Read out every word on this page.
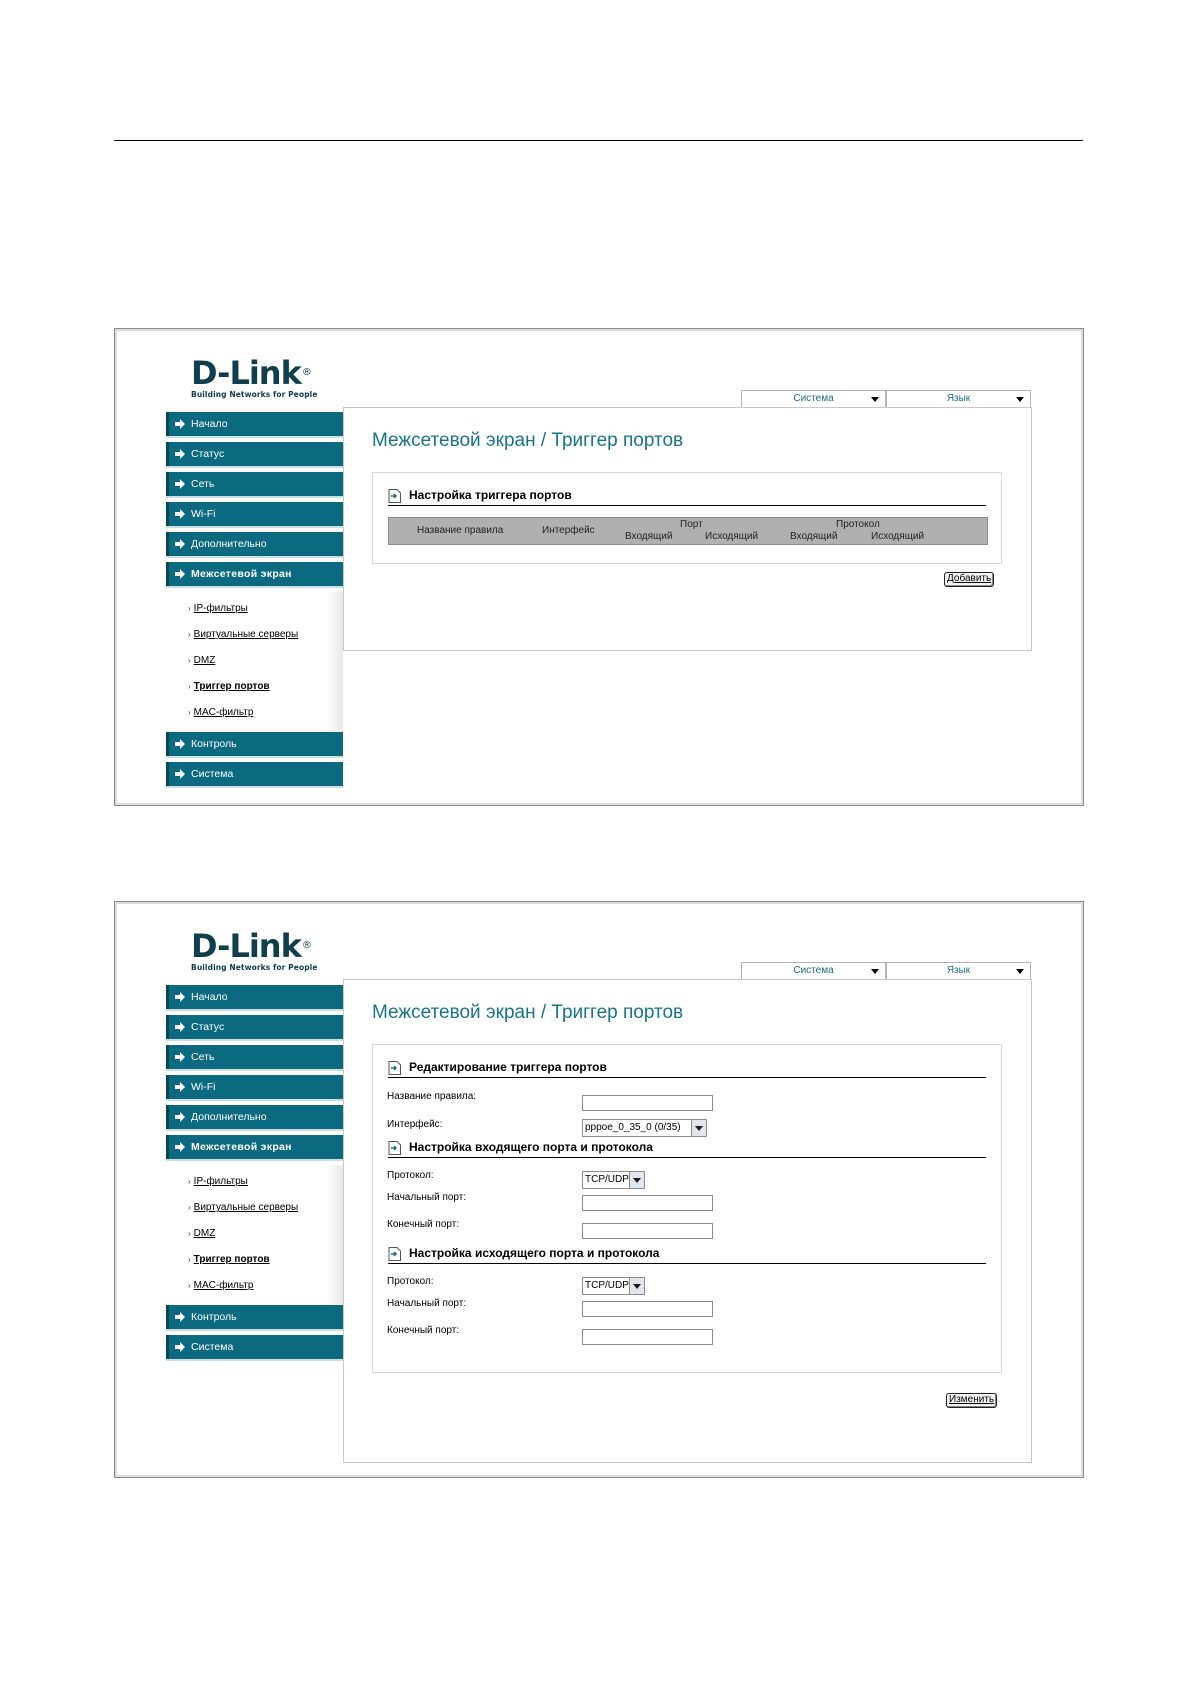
D-Link®
Building Networks for People	Система	Язык
Начало
Статус
Сеть
Wi-Fi
Дополнительно
Межсетевой экран
› IP-фильтры
› Виртуальные серверы
› DMZ
› Триггер портов
› MAC-фильтр
Контроль
Система
Межсетевой экран / Триггер портов
Настройка триггера портов
Название правила	Интерфейс
Порт	Протокол
Входящий	Исходящий	Входящий	Исходящий
Добавить
D-Link®
Building Networks for People	Система	Язык
Начало
Статус
Сеть
Wi-Fi
Дополнительно
Межсетевой экран
› IP-фильтры
› Виртуальные серверы
› DMZ
› Триггер портов
› MAC-фильтр
Контроль
Система
Межсетевой экран / Триггер портов
Редактирование триггера портов
Название правила:
Интерфейс:	pppoe_0_35_0 (0/35)
Настройка входящего порта и протокола
Протокол:	TCP/UDP
Начальный порт:
Конечный порт:
Настройка исходящего порта и протокола
Протокол:	TCP/UDP
Начальный порт:
Конечный порт:
Изменить
